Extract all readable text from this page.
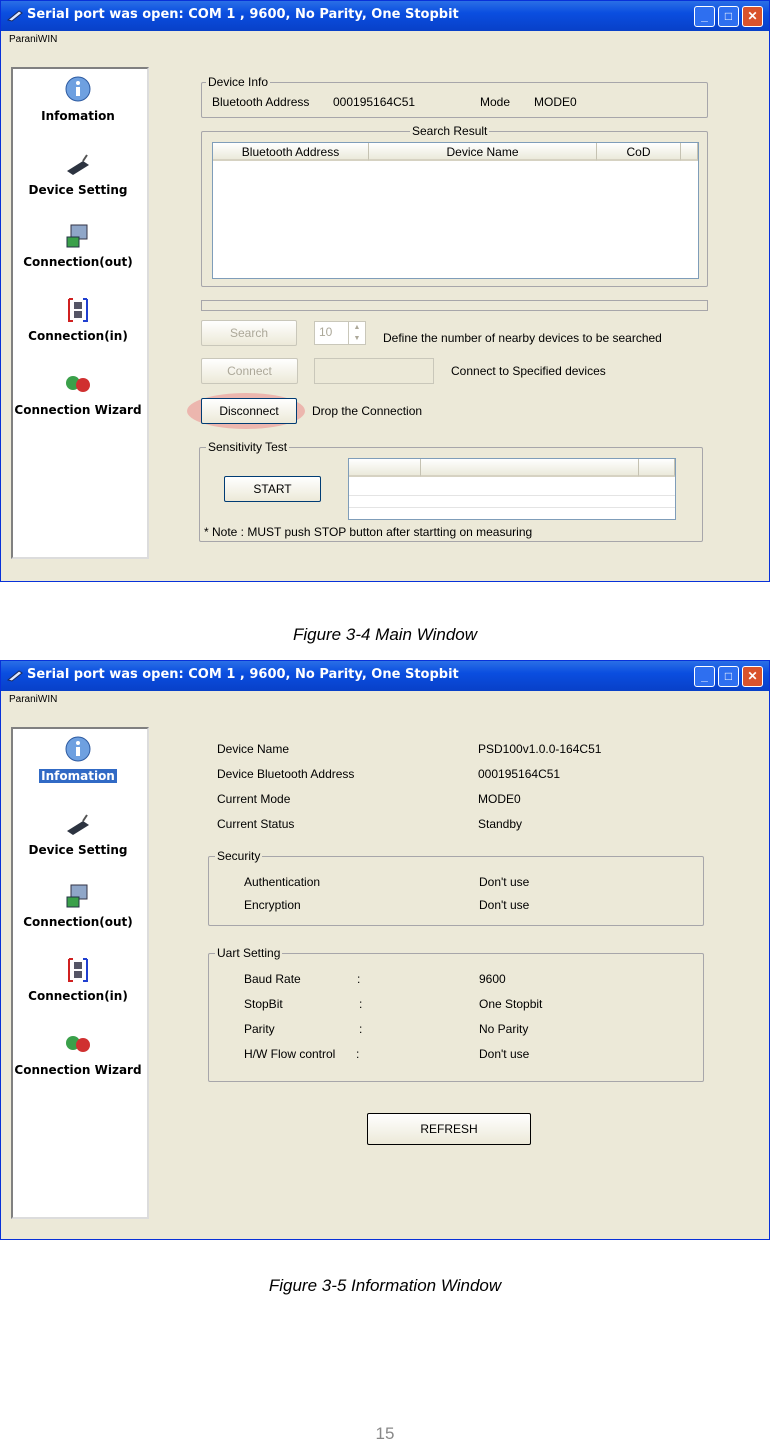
Serial port was open: COM 1 , 9600, No Parity, One Stopbit	_	□	✕
ParaniWIN
Infomation
Device Setting
Connection(out)
Connection(in)
Connection Wizard
Device Info
Bluetooth Address 000195164C51	Mode MODE0
Search Result
Bluetooth Address	Device Name	CoD
Search	10	▲
▼	Define the number of nearby devices to be searched
Connect	Connect to Specified devices
Disconnect	Drop the Connection
Sensitivity Test
START
* Note : MUST push STOP button after startting on measuring
Figure 3-4 Main Window
Serial port was open: COM 1 , 9600, No Parity, One Stopbit	_	□	✕
ParaniWIN
Infomation
Device Setting
Connection(out)
Connection(in)
Connection Wizard
Device Name	PSD100v1.0.0-164C51
Device Bluetooth Address	000195164C51
Current Mode	MODE0
Current Status	Standby
Security
Authentication	Don't use
Encryption	Don't use
Uart Setting
Baud Rate	:	9600
StopBit	:	One Stopbit
Parity	:	No Parity
H/W Flow control :	Don't use
REFRESH
Figure 3-5 Information Window
15
